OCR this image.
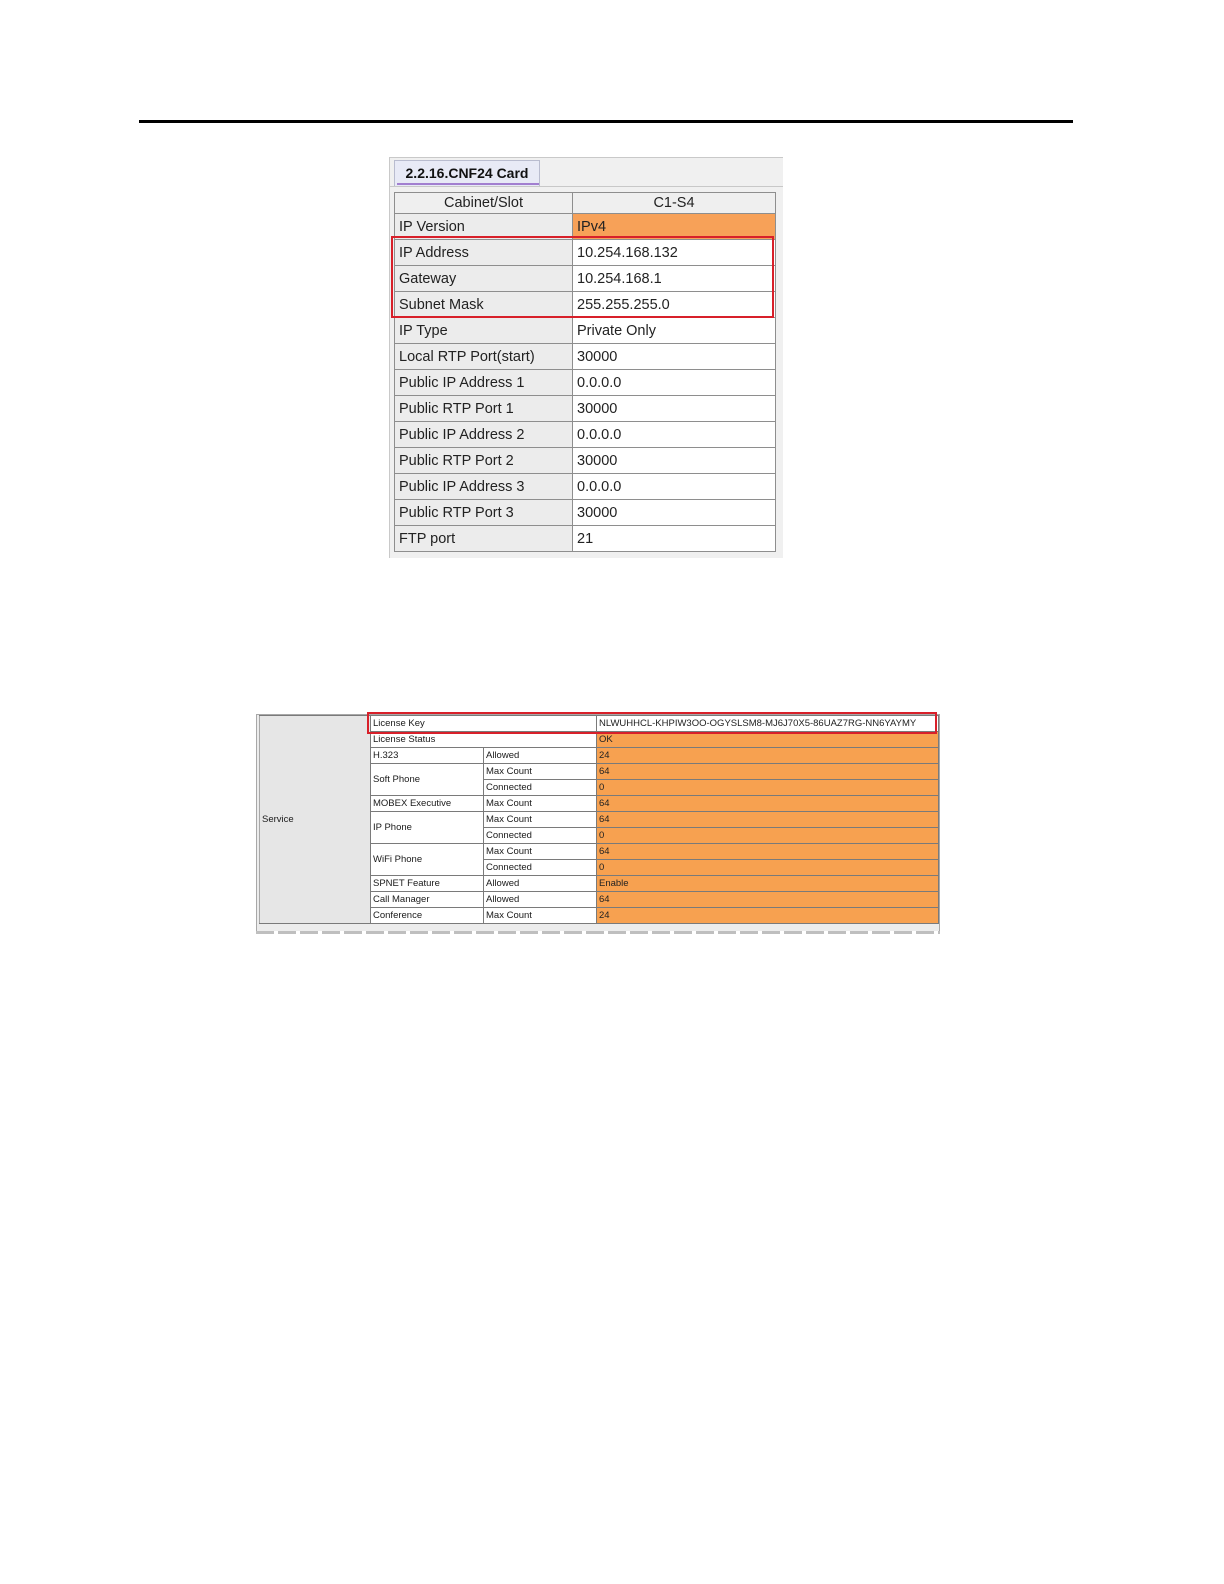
2.2.16.CNF24 Card
Cabinet/Slot	C1-S4
IP Version	IPv4
IP Address	10.254.168.132
Gateway	10.254.168.1
Subnet Mask	255.255.255.0
IP Type	Private Only
Local RTP Port(start)	30000
Public IP Address 1	0.0.0.0
Public RTP Port 1	30000
Public IP Address 2	0.0.0.0
Public RTP Port 2	30000
Public IP Address 3	0.0.0.0
Public RTP Port 3	30000
FTP port	21
Service	License Key		NLWUHHCL-KHPIW3OO-OGYSLSM8-MJ6J70X5-86UAZ7RG-NN6YAYMY
	License Status		OK
	H.323	Allowed	24
	Soft Phone	Max Count	64
		Connected	0
	MOBEX Executive	Max Count	64
	IP Phone	Max Count	64
		Connected	0
	WiFi Phone	Max Count	64
		Connected	0
	SPNET Feature	Allowed	Enable
	Call Manager	Allowed	64
	Conference	Max Count	24
